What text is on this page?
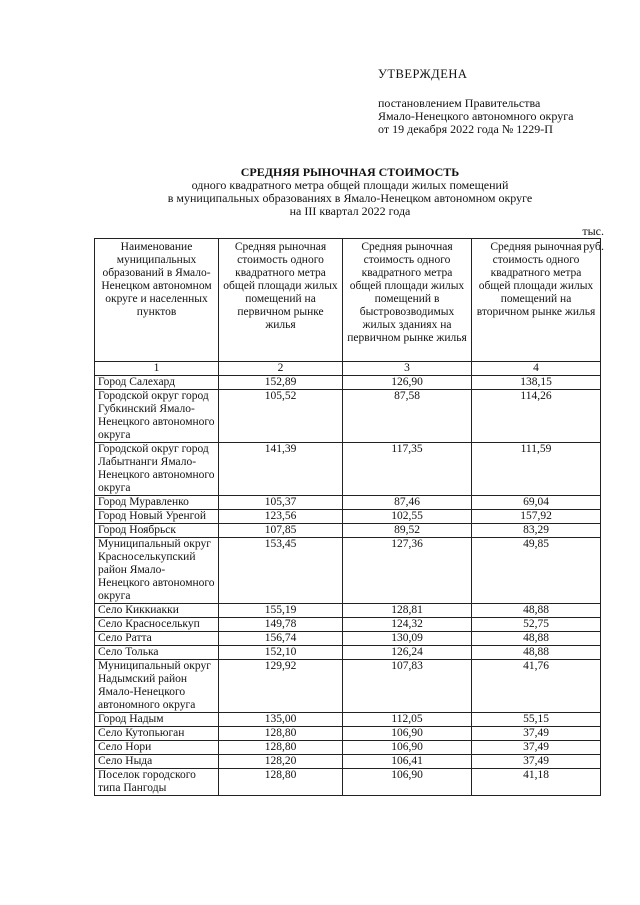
УТВЕРЖДЕНА
постановлением Правительства
Ямало-Ненецкого автономного округа
от 19 декабря 2022 года № 1229-П
СРЕДНЯЯ РЫНОЧНАЯ СТОИМОСТЬ
одного квадратного метра общей площади жилых помещений
в муниципальных образованиях в Ямало-Ненецком автономном округе
на III квартал 2022 года
тыс. руб.
Наименование муниципальных образований в Ямало-Ненецком автономном округе и населенных пунктов	Средняя рыночная стоимость одного квадратного метра общей площади жилых помещений на первичном рынке жилья	Средняя рыночная стоимость одного квадратного метра общей площади жилых помещений в быстровозводимых жилых зданиях на первичном рынке жилья	Средняя рыночная стоимость одного квадратного метра общей площади жилых помещений на вторичном рынке жилья
1	2	3	4
Город Салехард	152,89	126,90	138,15
Городской округ город Губкинский Ямало-Ненецкого автономного округа	105,52	87,58	114,26
Городской округ город Лабытнанги Ямало-Ненецкого автономного округа	141,39	117,35	111,59
Город Муравленко	105,37	87,46	69,04
Город Новый Уренгой	123,56	102,55	157,92
Город Ноябрьск	107,85	89,52	83,29
Муниципальный округ Красноселькупский район Ямало-Ненецкого автономного округа	153,45	127,36	49,85
Село Киккиакки	155,19	128,81	48,88
Село Красноселькуп	149,78	124,32	52,75
Село Ратта	156,74	130,09	48,88
Село Толька	152,10	126,24	48,88
Муниципальный округ Надымский район Ямало-Ненецкого автономного округа	129,92	107,83	41,76
Город Надым	135,00	112,05	55,15
Село Кутопьюган	128,80	106,90	37,49
Село Нори	128,80	106,90	37,49
Село Ныда	128,20	106,41	37,49
Поселок городского типа Пангоды	128,80	106,90	41,18
